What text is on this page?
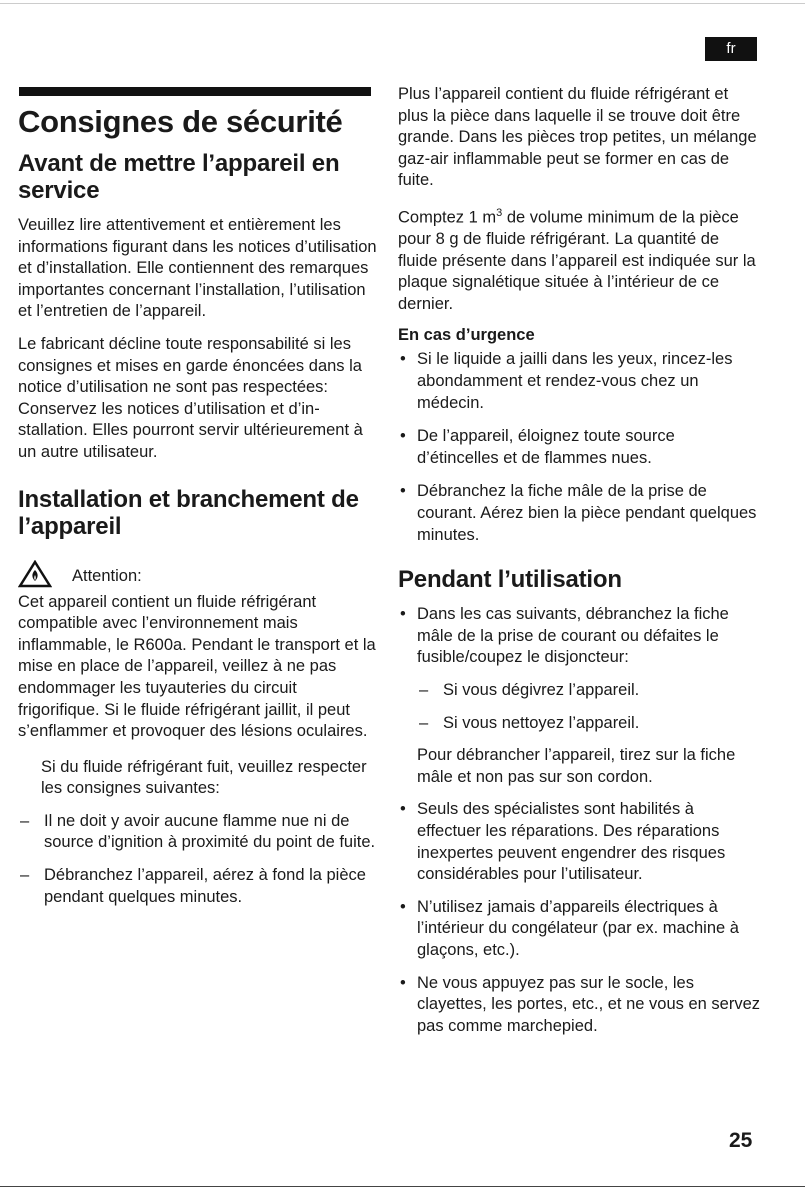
fr
Consignes de sécurité
Avant de mettre l’appareil en service

Veuillez lire attentivement et entièrement les informations figurant dans les notices d’utilisation et d’installation. Elle contiennent des remarques importantes concernant l’installation, l’utilisation et l’entretien de l’appareil.

Le fabricant décline toute responsabilité si les consignes et mises en garde énoncées dans la notice d’utilisation ne sont pas respectées:

Conservez les notices d’utilisation et d’installation. Elles pourront servir ultérieurement à un autre utilisateur.

Installation et branchement de l’appareil
Attention:

Cet appareil contient un fluide réfrigérant compatible avec l’environnement mais inflammable, le R600a. Pendant le transport et la mise en place de l’appareil, veillez à ne pas endommager les tuyauteries du circuit frigorifique. Si le fluide réfrigérant jaillit, il peut s’enflammer et provoquer des lésions oculaires.

Si du fluide réfrigérant fuit, veuillez respecter les consignes suivantes:

– Il ne doit y avoir aucune flamme nue ni de source d’ignition à proximité du point de fuite.
– Débranchez l’appareil, aérez à fond la pièce pendant quelques minutes.

Plus l’appareil contient du fluide réfrigérant et plus la pièce dans laquelle il se trouve doit être grande. Dans les pièces trop petites, un mélange gaz-air inflammable peut se former en cas de fuite.

Comptez 1 $m^3$ de volume minimum de la pièce pour 8 g de fluide réfrigérant. La quantité de fluide présente dans l’appareil est indiquée sur la plaque signalétique située à l’intérieur de ce dernier.

En cas d’urgence

• Si le liquide a jailli dans les yeux, rincez-les abondamment et rendez-vous chez un médecin.
• De l’appareil, éloignez toute source d’étincelles et de flammes nues.
• Débranchez la fiche mâle de la prise de courant. Aérez bien la pièce pendant quelques minutes.
Pendant l’utilisation
• Dans les cas suivants, débranchez la fiche mâle de la prise de courant ou défaites le fusible/coupez le disjoncteur:
– Si vous dégivrez l’appareil.
– Si vous nettoyez l’appareil.

Pour débrancher l’appareil, tirez sur la fiche mâle et non pas sur son cordon.

• Seuls des spécialistes sont habilités à effectuer les réparations. Des réparations inexpertes peuvent engendrer des risques considérables pour l’utilisateur.
• N’utilisez jamais d’appareils électriques à l’intérieur du congélateur (par ex. machine à glaçons, etc.).
• Ne vous appuyez pas sur le socle, les clayettes, les portes, etc., et ne vous en servez pas comme marchepied.
25
